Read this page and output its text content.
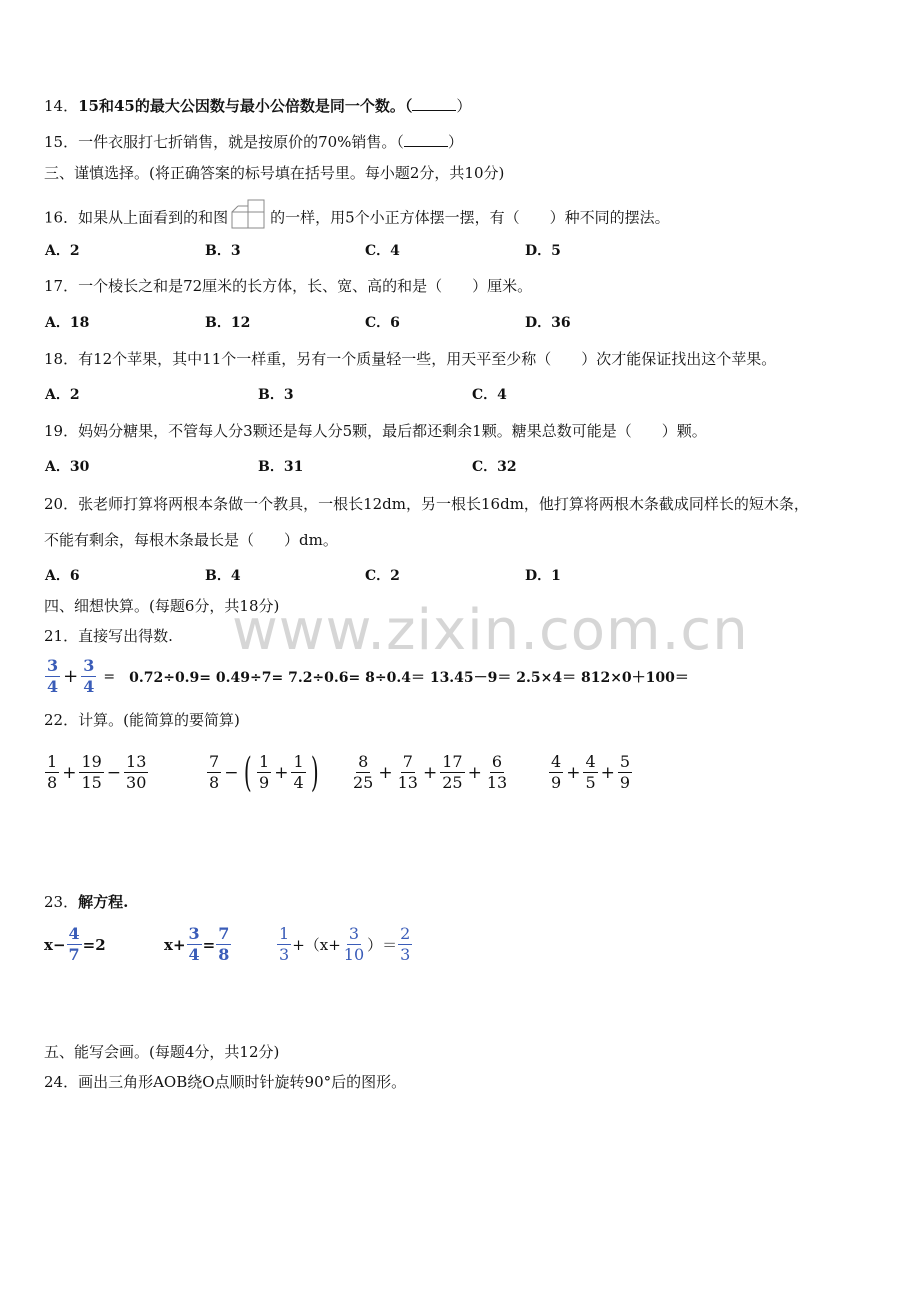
www.zixin.com.cn
14．15和45的最大公因数与最小公倍数是同一个数。（	）
15．一件衣服打七折销售，就是按原价的70%销售。（	）
三、谨慎选择。(将正确答案的标号填在括号里。每小题2分，共10分)
16．如果从上面看到的和图	的一样，用5个小正方体摆一摆，有（　　）种不同的摆法。
A．2	B．3	C．4	D．5
17．一个棱长之和是72厘米的长方体，长、宽、高的和是（　　）厘米。
A．18	B．12	C．6	D．36
18．有12个苹果，其中11个一样重，另有一个质量轻一些，用天平至少称（　　）次才能保证找出这个苹果。
A．2	B．3	C．4
19．妈妈分糖果，不管每人分3颗还是每人分5颗，最后都还剩余1颗。糖果总数可能是（　　）颗。
A．30	B．31	C．32
20．张老师打算将两根本条做一个教具，一根长12dm，另一根长16dm，他打算将两根木条截成同样长的短木条，
不能有剩余，每根木条最长是（　　）dm。
A．6	B．4	C．2	D．1
四、细想快算。(每题6分，共18分)
21．直接写出得数.
$\frac{3}{4} + \frac{3}{4} = 0.72\div 0.9= 0.49\div 7= 7.2\div 0.6= 8\div 0.4= 13.45-9= 2.5\times 4= 812\times 0+100=$
22．计算。(能简算的要简算)
$\frac{1}{8} + \frac{19}{15} - \frac{13}{30}$	$\frac{7}{8}$ − ( $\frac{1}{9} + \frac{1}{4}$ ) $\frac{8}{25} + \frac{7}{13} + \frac{17}{25} + \frac{6}{13} \frac{4}{9} + \frac{4}{5} + \frac{5}{9}$
23．解方程.
$x- \frac{4}{7} =2$	$x+ \frac{3}{4} = \frac{7}{8}$	$\frac{1}{3} +(x+ \frac{3}{10}$ ）＝ $\frac{2}{3}$
五、能写会画。(每题4分，共12分)
24．画出三角形AOB绕O点顺时针旋转90°后的图形。
